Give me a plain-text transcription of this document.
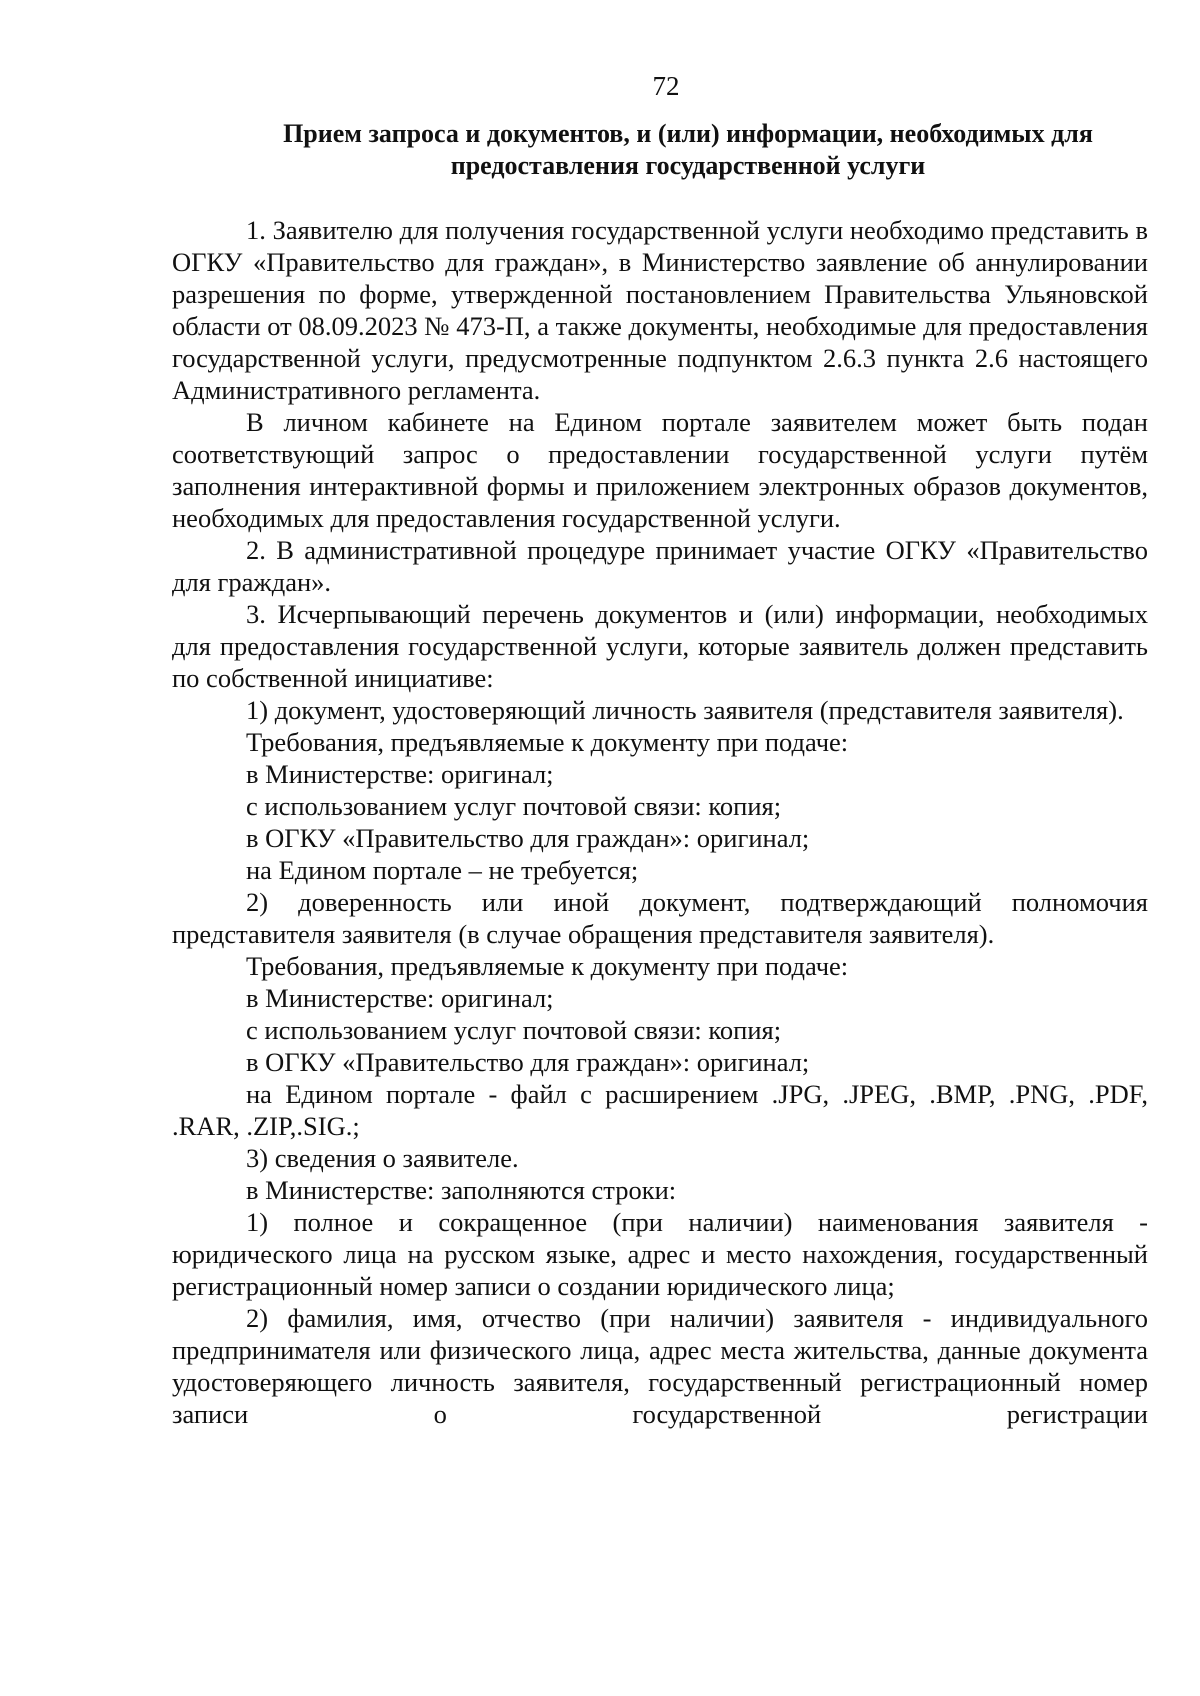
72
Прием запроса и документов, и (или) информации, необходимых для
предоставления государственной услуги

1. Заявителю для получения государственной услуги необходимо представить в ОГКУ «Правительство для граждан», в Министерство заявление об аннулировании разрешения по форме, утвержденной постановлением Правительства Ульяновской области от 08.09.2023 № 473-П, а также документы, необходимые для предоставления государственной услуги, предусмотренные подпунктом 2.6.3 пункта 2.6 настоящего Административного регламента.

В личном кабинете на Едином портале заявителем может быть подан соответствующий запрос о предоставлении государственной услуги путём заполнения интерактивной формы и приложением электронных образов документов, необходимых для предоставления государственной услуги.

2. В административной процедуре принимает участие ОГКУ «Правительство для граждан».

3. Исчерпывающий перечень документов и (или) информации, необходимых для предоставления государственной услуги, которые заявитель должен представить по собственной инициативе:

1) документ, удостоверяющий личность заявителя (представителя заявителя).

Требования, предъявляемые к документу при подаче:

в Министерстве: оригинал;

с использованием услуг почтовой связи: копия;

в ОГКУ «Правительство для граждан»: оригинал;

на Едином портале – не требуется;

2) доверенность или иной документ, подтверждающий полномочия представителя заявителя (в случае обращения представителя заявителя).

Требования, предъявляемые к документу при подаче:

в Министерстве: оригинал;

с использованием услуг почтовой связи: копия;

в ОГКУ «Правительство для граждан»: оригинал;

на Едином портале - файл с расширением .JPG, .JPEG, .BMP, .PNG, .PDF, .RAR, .ZIP,.SIG.;

3) сведения о заявителе.

в Министерстве: заполняются строки:

1) полное и сокращенное (при наличии) наименования заявителя - юридического лица на русском языке, адрес и место нахождения, государственный регистрационный номер записи о создании юридического лица;

2) фамилия, имя, отчество (при наличии) заявителя - индивидуального предпринимателя или физического лица, адрес места жительства, данные документа удостоверяющего личность заявителя, государственный регистрационный номер записи о государственной регистрации
